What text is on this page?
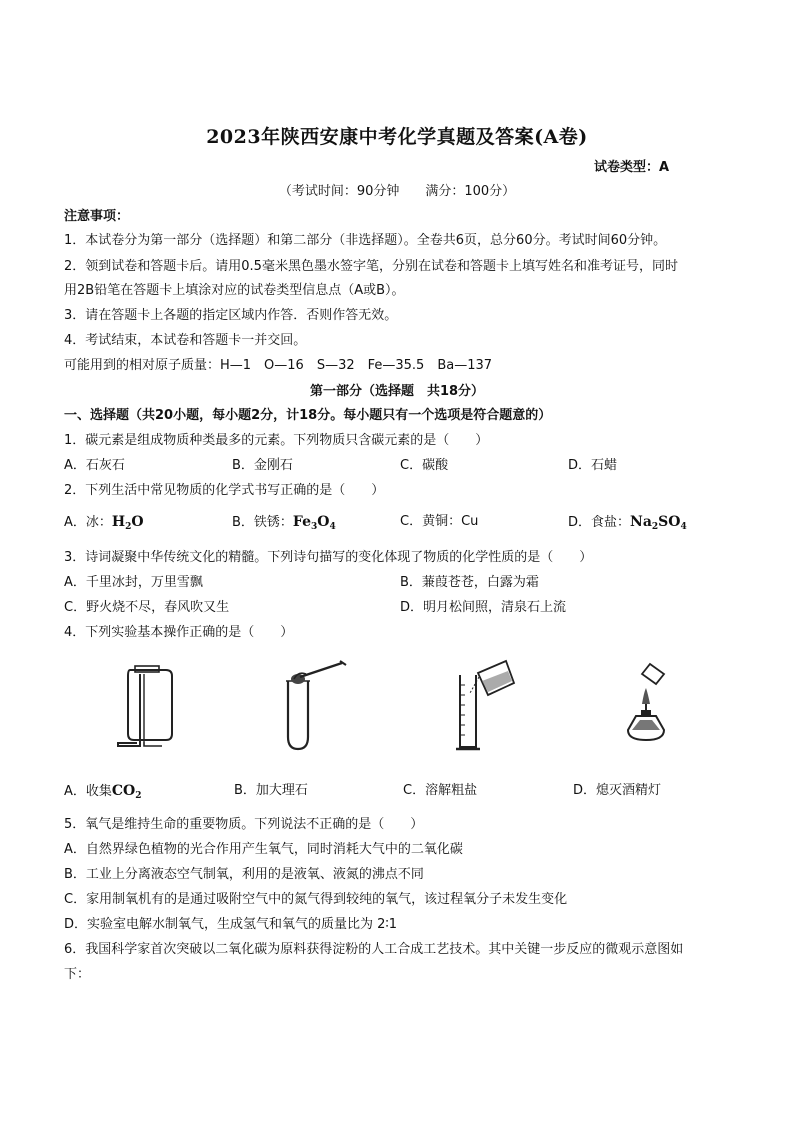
2023年陕西安康中考化学真题及答案(A卷)
试卷类型：A
（考试时间：90分钟　　满分：100分）
注意事项：
1．本试卷分为第一部分（选择题）和第二部分（非选择题）。全卷共6页，总分60分。考试时间60分钟。
2．领到试卷和答题卡后。请用0.5毫米黑色墨水签字笔，分别在试卷和答题卡上填写姓名和准考证号，同时
用2B铅笔在答题卡上填涂对应的试卷类型信息点（A或B）。
3．请在答题卡上各题的指定区域内作答．否则作答无效。
4．考试结束，本试卷和答题卡一并交回。
可能用到的相对原子质量：H—1　O—16　S—32　Fe—35.5　Ba—137
第一部分（选择题　共18分）
一、选择题（共20小题，每小题2分，计18分。每小题只有一个选项是符合题意的）
1．碳元素是组成物质种类最多的元素。下列物质只含碳元素的是（　　）
A．石灰石	B．金刚石	C．碳酸	D．石蜡
2．下列生活中常见物质的化学式书写正确的是（　　）
A．冰：$H_2O$	B．铁锈：$Fe_3O_4$	C．黄铜：Cu	D．食盐：$Na_2SO_4$
3．诗词凝聚中华传统文化的精髓。下列诗句描写的变化体现了物质的化学性质的是（　　）
A．千里冰封，万里雪飘	B．蒹葭苍苍，白露为霜
C．野火烧不尽，春风吹又生	D．明月松间照，清泉石上流
4．下列实验基本操作正确的是（　　）
A．收集$CO_2$	B．加大理石	C．溶解粗盐	D．熄灭酒精灯
5．氧气是维持生命的重要物质。下列说法不正确的是（　　）
A．自然界绿色植物的光合作用产生氧气，同时消耗大气中的二氧化碳
B．工业上分离液态空气制氧，利用的是液氧、液氮的沸点不同
C．家用制氧机有的是通过吸附空气中的氮气得到较纯的氧气，该过程氧分子未发生变化
D．实验室电解水制氧气，生成氢气和氧气的质量比为 2∶1
6．我国科学家首次突破以二氧化碳为原料获得淀粉的人工合成工艺技术。其中关键一步反应的微观示意图如
下：
